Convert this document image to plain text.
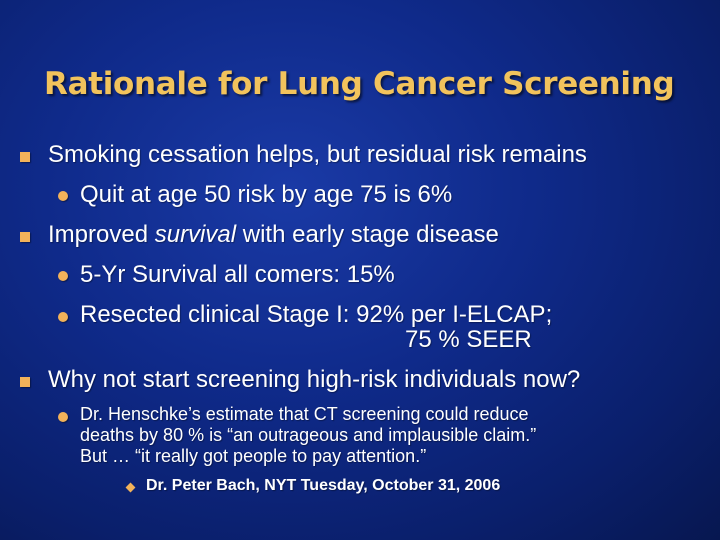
Rationale for Lung Cancer Screening
Smoking cessation helps, but residual risk remains
Quit at age 50 risk by age 75 is 6%
Improved survival with early stage disease
5-Yr Survival all comers: 15%
Resected clinical Stage I: 92% per I-ELCAP;
75 % SEER
Why not start screening high-risk individuals now?
Dr. Henschke’s estimate that CT screening could reduce
deaths by 80 % is “an outrageous and implausible claim.”
But … “it really got people to pay attention.”
Dr. Peter Bach, NYT Tuesday, October 31, 2006
